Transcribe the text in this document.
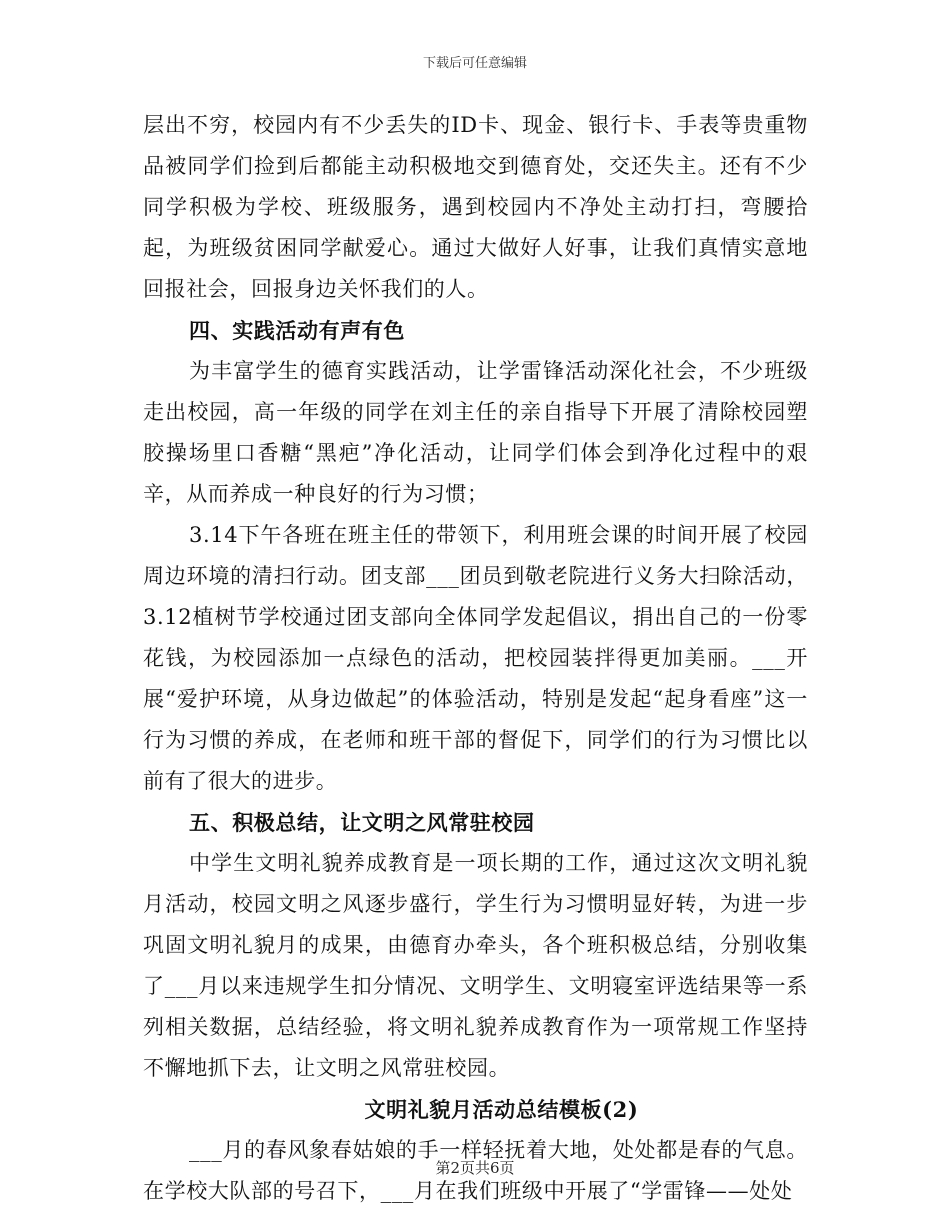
下载后可任意编辑

层出不穷，校园内有不少丢失的ID卡、现金、银行卡、手表等贵重物品被同学们捡到后都能主动积极地交到德育处，交还失主。还有不少同学积极为学校、班级服务，遇到校园内不净处主动打扫，弯腰拾起，为班级贫困同学献爱心。通过大做好人好事，让我们真情实意地回报社会，回报身边关怀我们的人。

四、实践活动有声有色

为丰富学生的德育实践活动，让学雷锋活动深化社会，不少班级走出校园，高一年级的同学在刘主任的亲自指导下开展了清除校园塑胶操场里口香糖“黑疤”净化活动，让同学们体会到净化过程中的艰辛，从而养成一种良好的行为习惯；

3.14下午各班在班主任的带领下，利用班会课的时间开展了校园周边环境的清扫行动。团支部___团员到敬老院进行义务大扫除活动，3.12植树节学校通过团支部向全体同学发起倡议，捐出自己的一份零花钱，为校园添加一点绿色的活动，把校园装拌得更加美丽。___开展“爱护环境，从身边做起”的体验活动，特别是发起“起身看座”这一行为习惯的养成，在老师和班干部的督促下，同学们的行为习惯比以前有了很大的进步。

五、积极总结，让文明之风常驻校园

中学生文明礼貌养成教育是一项长期的工作，通过这次文明礼貌月活动，校园文明之风逐步盛行，学生行为习惯明显好转，为进一步巩固文明礼貌月的成果，由德育办牵头，各个班积极总结，分别收集了___月以来违规学生扣分情况、文明学生、文明寝室评选结果等一系列相关数据，总结经验，将文明礼貌养成教育作为一项常规工作坚持不懈地抓下去，让文明之风常驻校园。

文明礼貌月活动总结模板(2)

___月的春风象春姑娘的手一样轻抚着大地，处处都是春的气息。在学校大队部的号召下，___月在我们班级中开展了“学雷锋——处处

第2页共6页
